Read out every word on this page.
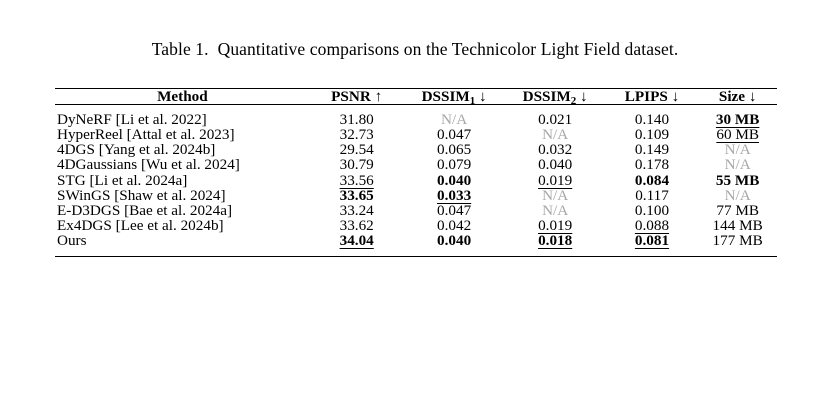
Table 1. Quantitative comparisons on the Technicolor Light Field dataset.

Method	PSNR ↑	$DSSIM_1$ ↓	$DSSIM_2$ ↓	LPIPS ↓	Size ↓

DyNeRF [Li et al. 2022]	31.80	N/A	0.021	0.140	30 MB
HyperReel [Attal et al. 2023]	32.73	0.047	N/A	0.109	60 MB
4DGS [Yang et al. 2024b]	29.54	0.065	0.032	0.149	N/A
4DGaussians [Wu et al. 2024]	30.79	0.079	0.040	0.178	N/A
STG [Li et al. 2024a]	33.56	0.040	0.019	0.084	55 MB
SWinGS [Shaw et al. 2024]	33.65	0.033	N/A	0.117	N/A
E-D3DGS [Bae et al. 2024a]	33.24	0.047	N/A	0.100	77 MB
Ex4DGS [Lee et al. 2024b]	33.62	0.042	0.019	0.088	144 MB
Ours	34.04	0.040	0.018	0.081	177 MB
